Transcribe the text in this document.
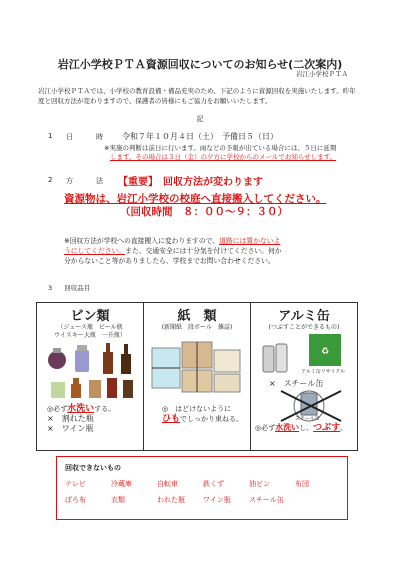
岩江小学校ＰＴＡ資源回収についてのお知らせ(二次案内)
岩江小学校ＰＴＡ
岩江小学校ＰＴＡでは、小学校の教育設備・備品充実のため、下記のように資源回収を実施いたします。昨年度と回収方法が変わりますので、保護者の皆様にもご協力をお願いいたします。
記
1 日　時 令和７年１０月４日（土）　予備日５（日）
※実施の判断は前日に行います。雨などの予報が出ている場合には、５日に延期
します。その場合は３日（金）の夕方に学校からのメールでお知らせします。
2 方　法 【重要】　回収方法が変わります
資源物は、岩江小学校の校庭へ直接搬入してください。
（回収時間　８：００～９：３０）
※回収方法が学校への直接搬入に変わりますので、道路には置かないよ
うにしてください。また、交通安全には十分気を付けてください。何か
分からないこと等がありましたら、学校までお問い合わせください。
3 回収品目
ビン類
（ジュース瓶　ビール瓶
ウイスキー大瓶　一升瓶）
◎必ず水洗いする。
×　割れた瓶
×　ワイン瓶

紙　類
(新聞紙　段ボール　雑誌)
◎　はどけないように
ひもでしっかり束ねる。

アルミ缶
(つぶすことができるもの)
♻
アルミ缶リサイクル
×　スチール缶
スチール缶
◎必ず水洗いし、つぶす。
回収できないもの
テレビ	冷蔵庫	自転車	鉄くず	油ビン	布団
ぼろ布	衣類	われた瓶	ワイン瓶	スチール缶
